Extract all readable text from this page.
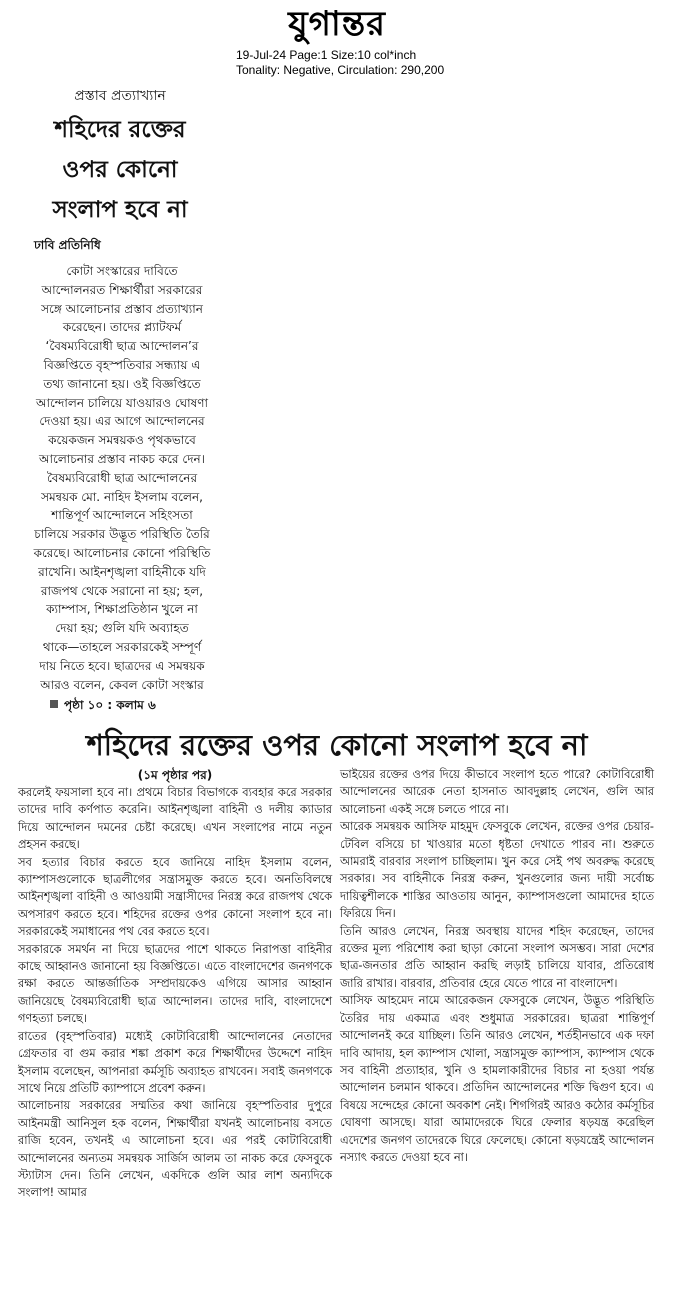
যুগান্তর
19-Jul-24 Page:1 Size:10 col*inch
Tonality: Negative, Circulation: 290,200
প্রস্তাব প্রত্যাখ্যান
শহিদের রক্তের
ওপর কোনো
সংলাপ হবে না
ঢাবি প্রতিনিধি
কোটা সংস্কারের দাবিতে
আন্দোলনরত শিক্ষার্থীরা সরকারের
সঙ্গে আলোচনার প্রস্তাব প্রত্যাখ্যান
করেছেন। তাদের প্ল্যাটফর্ম
‘বৈষম্যবিরোধী ছাত্র আন্দোলন’র
বিজ্ঞপ্তিতে বৃহস্পতিবার সন্ধ্যায় এ
তথ্য জানানো হয়। ওই বিজ্ঞপ্তিতে
আন্দোলন চালিয়ে যাওয়ারও ঘোষণা
দেওয়া হয়। এর আগে আন্দোলনের
কয়েকজন সমন্বয়কও পৃথকভাবে
আলোচনার প্রস্তাব নাকচ করে দেন।
বৈষম্যবিরোধী ছাত্র আন্দোলনের
সমন্বয়ক মো. নাহিদ ইসলাম বলেন,
শান্তিপূর্ণ আন্দোলনে সহিংসতা
চালিয়ে সরকার উদ্ভূত পরিস্থিতি তৈরি
করেছে। আলোচনার কোনো পরিস্থিতি
রাখেনি। আইনশৃঙ্খলা বাহিনীকে যদি
রাজপথ থেকে সরানো না হয়; হল,
ক্যাম্পাস, শিক্ষাপ্রতিষ্ঠান খুলে না
দেয়া হয়; গুলি যদি অব্যাহত
থাকে—তাহলে সরকারকেই সম্পূর্ণ
দায় নিতে হবে। ছাত্রদের এ সমন্বয়ক
আরও বলেন, কেবল কোটা সংস্কার
পৃষ্ঠা ১০ : কলাম ৬
শহিদের রক্তের ওপর কোনো সংলাপ হবে না
(১ম পৃষ্ঠার পর)

করলেই ফয়সালা হবে না। প্রথমে বিচার বিভাগকে ব্যবহার করে সরকার তাদের দাবি কর্ণপাত করেনি। আইনশৃঙ্খলা বাহিনী ও দলীয় ক্যাডার দিয়ে আন্দোলন দমনের চেষ্টা করেছে। এখন সংলাপের নামে নতুন প্রহসন করছে।

সব হত্যার বিচার করতে হবে জানিয়ে নাহিদ ইসলাম বলেন, ক্যাম্পাসগুলোকে ছাত্রলীগের সন্ত্রাসমুক্ত করতে হবে। অনতিবিলম্বে আইনশৃঙ্খলা বাহিনী ও আওয়ামী সন্ত্রাসীদের নিরস্ত্র করে রাজপথ থেকে অপসারণ করতে হবে। শহিদের রক্তের ওপর কোনো সংলাপ হবে না। সরকারকেই সমাধানের পথ বের করতে হবে।

সরকারকে সমর্থন না দিয়ে ছাত্রদের পাশে থাকতে নিরাপত্তা বাহিনীর কাছে আহ্বানও জানানো হয় বিজ্ঞপ্তিতে। এতে বাংলাদেশের জনগণকে রক্ষা করতে আন্তর্জাতিক সম্প্রদায়কেও এগিয়ে আসার আহ্বান জানিয়েছে বৈষম্যবিরোধী ছাত্র আন্দোলন। তাদের দাবি, বাংলাদেশে গণহত্যা চলছে।

রাতের (বৃহস্পতিবার) মধ্যেই কোটাবিরোধী আন্দোলনের নেতাদের গ্রেফতার বা গুম করার শঙ্কা প্রকাশ করে শিক্ষার্থীদের উদ্দেশে নাহিদ ইসলাম বলেছেন, আপনারা কর্মসূচি অব্যাহত রাখবেন। সবাই জনগণকে সাথে নিয়ে প্রতিটি ক্যাম্পাসে প্রবেশ করুন।

আলোচনায় সরকারের সম্মতির কথা জানিয়ে বৃহস্পতিবার দুপুরে আইনমন্ত্রী আনিসুল হক বলেন, শিক্ষার্থীরা যখনই আলোচনায় বসতে রাজি হবেন, তখনই এ আলোচনা হবে। এর পরই কোটাবিরোধী আন্দোলনের অন্যতম সমন্বয়ক সার্জিস আলম তা নাকচ করে ফেসবুকে স্ট্যাটাস দেন। তিনি লেখেন, একদিকে গুলি আর লাশ অন্যদিকে সংলাপ! আমার

ভাইয়ের রক্তের ওপর দিয়ে কীভাবে সংলাপ হতে পারে? কোটাবিরোধী আন্দোলনের আরেক নেতা হাসনাত আবদুল্লাহ লেখেন, গুলি আর আলোচনা একই সঙ্গে চলতে পারে না।

আরেক সমন্বয়ক আসিফ মাহমুদ ফেসবুকে লেখেন, রক্তের ওপর চেয়ার-টেবিল বসিয়ে চা খাওয়ার মতো ধৃষ্টতা দেখাতে পারব না। শুরুতে আমরাই বারবার সংলাপ চাচ্ছিলাম। খুন করে সেই পথ অবরুদ্ধ করেছে সরকার। সব বাহিনীকে নিরস্ত্র করুন, খুনগুলোর জন্য দায়ী সর্বোচ্চ দায়িত্বশীলকে শাস্তির আওতায় আনুন, ক্যাম্পাসগুলো আমাদের হাতে ফিরিয়ে দিন।

তিনি আরও লেখেন, নিরস্ত্র অবস্থায় যাদের শহিদ করেছেন, তাদের রক্তের মূল্য পরিশোধ করা ছাড়া কোনো সংলাপ অসম্ভব। সারা দেশের ছাত্র-জনতার প্রতি আহ্বান করছি লড়াই চালিয়ে যাবার, প্রতিরোধ জারি রাখার। বারবার, প্রতিবার হেরে যেতে পারে না বাংলাদেশ।

আসিফ আহমেদ নামে আরেকজন ফেসবুকে লেখেন, উদ্ভূত পরিস্থিতি তৈরির দায় একমাত্র এবং শুধুমাত্র সরকারের। ছাত্ররা শান্তিপূর্ণ আন্দোলনই করে যাচ্ছিল। তিনি আরও লেখেন, শর্তহীনভাবে এক দফা দাবি আদায়, হল ক্যাম্পাস খোলা, সন্ত্রাসমুক্ত ক্যাম্পাস, ক্যাম্পাস থেকে সব বাহিনী প্রত্যাহার, খুনি ও হামলাকারীদের বিচার না হওয়া পর্যন্ত আন্দোলন চলমান থাকবে। প্রতিদিন আন্দোলনের শক্তি দ্বিগুণ হবে। এ বিষয়ে সন্দেহের কোনো অবকাশ নেই। শিগগিরই আরও কঠোর কর্মসূচির ঘোষণা আসছে। যারা আমাদেরকে ঘিরে ফেলার ষড়যন্ত্র করেছিল এদেশের জনগণ তাদেরকে ঘিরে ফেলেছে। কোনো ষড়যন্ত্রেই আন্দোলন নস্যাৎ করতে দেওয়া হবে না।
